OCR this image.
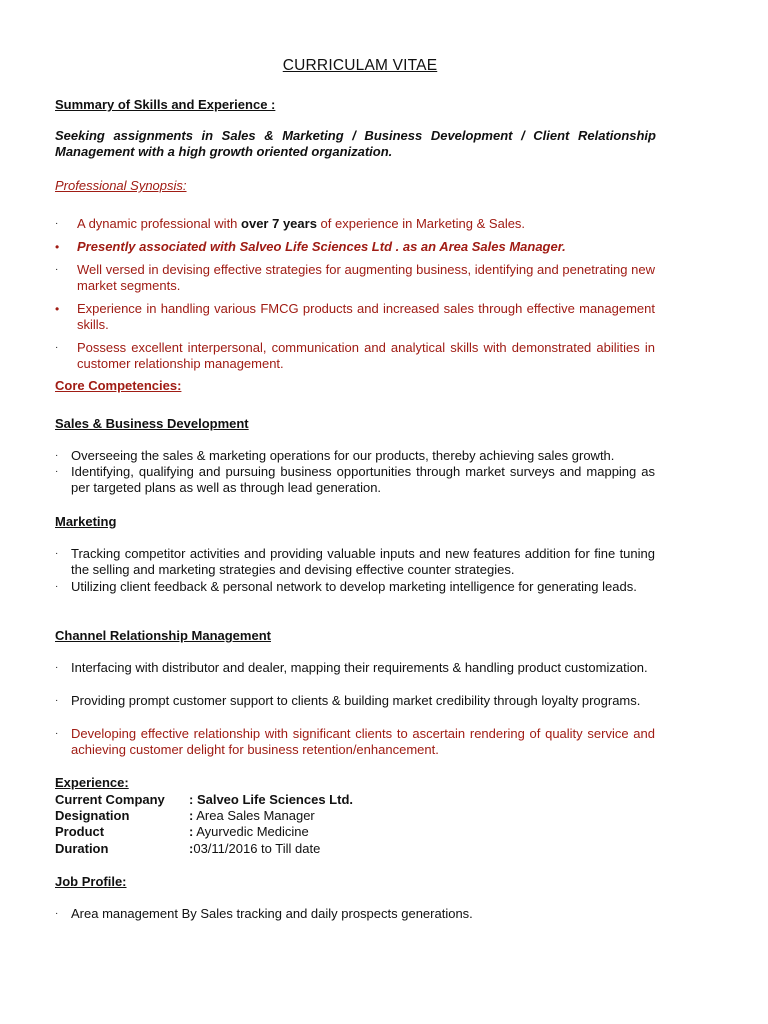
CURRICULAM VITAE
Summary of Skills and Experience :
Seeking assignments in Sales & Marketing / Business Development / Client Relationship Management with a high growth oriented organization.
Professional Synopsis:
· A dynamic professional with over 7 years of experience in Marketing & Sales.
• Presently associated with Salveo Life Sciences Ltd . as an Area Sales Manager.
· Well versed in devising effective strategies for augmenting business, identifying and penetrating new market segments.
• Experience in handling various FMCG products and increased sales through effective management skills.
· Possess excellent interpersonal, communication and analytical skills with demonstrated abilities in customer relationship management.
Core Competencies:
Sales & Business Development
· Overseeing the sales & marketing operations for our products, thereby achieving sales growth.
· Identifying, qualifying and pursuing business opportunities through market surveys and mapping as per targeted plans as well as through lead generation.
Marketing
· Tracking competitor activities and providing valuable inputs and new features addition for fine tuning the selling and marketing strategies and devising effective counter strategies.
· Utilizing client feedback & personal network to develop marketing intelligence for generating leads.
Channel Relationship Management
· Interfacing with distributor and dealer, mapping their requirements & handling product customization.
· Providing prompt customer support to clients & building market credibility through loyalty programs.
· Developing effective relationship with significant clients to ascertain rendering of quality service and achieving customer delight for business retention/enhancement.
Experience:
Current Company : Salveo Life Sciences Ltd.
Designation	: Area Sales Manager
Product	: Ayurvedic Medicine
Duration	:03/11/2016 to Till date
Job Profile:
· Area management By Sales tracking and daily prospects generations.
